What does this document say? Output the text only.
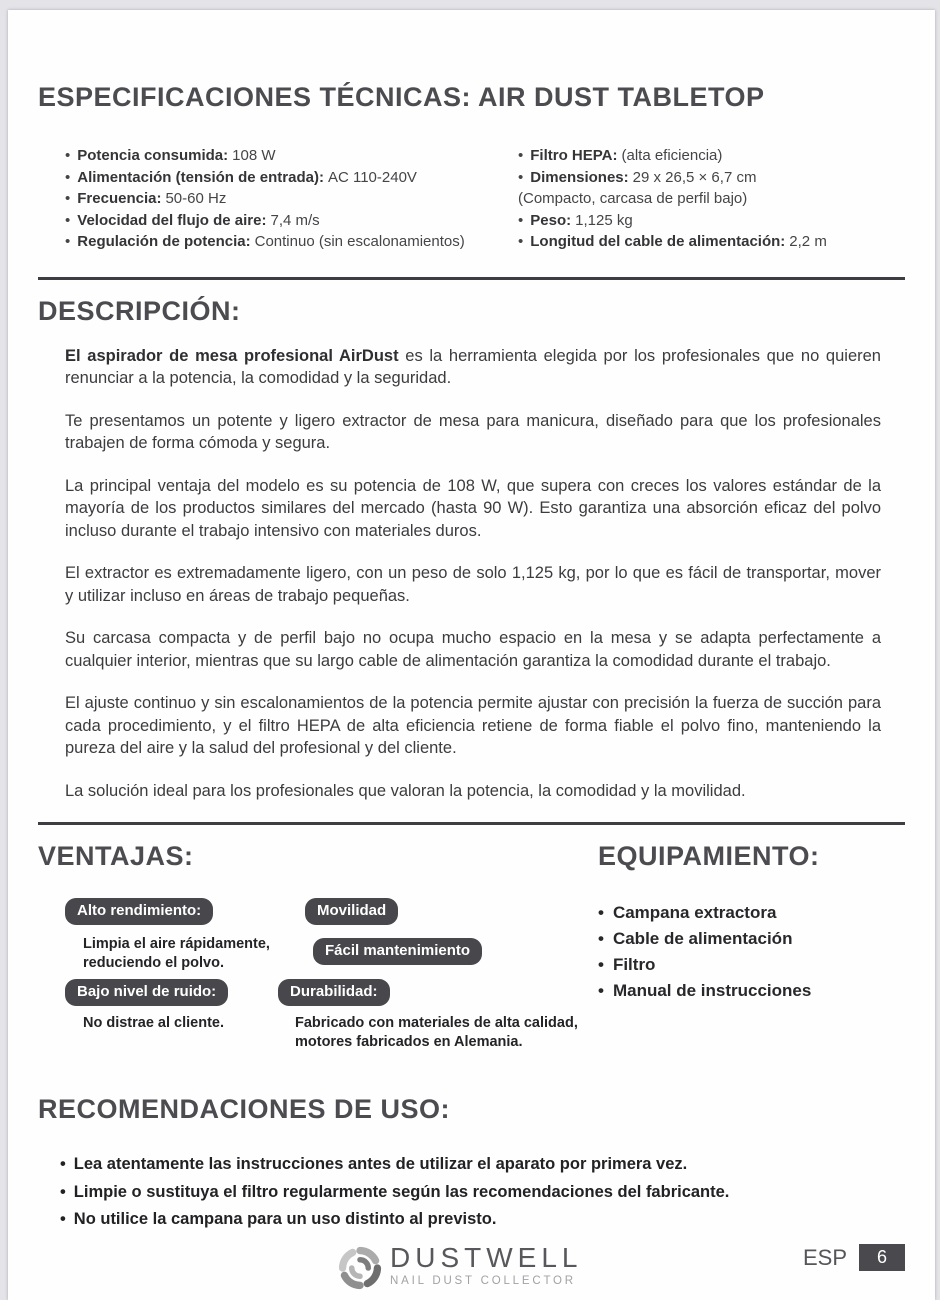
ESPECIFICACIONES TÉCNICAS: AIR DUST TABLETOP
• Potencia consumida: 108 W
• Alimentación (tensión de entrada): AC 110-240V
• Frecuencia: 50-60 Hz
• Velocidad del flujo de aire: 7,4 m/s
• Regulación de potencia: Continuo (sin escalonamientos)
• Filtro HEPA: (alta eficiencia)
• Dimensiones: 29 x 26,5 × 6,7 cm
(Compacto, carcasa de perfil bajo)
• Peso: 1,125 kg
• Longitud del cable de alimentación: 2,2 m
DESCRIPCIÓN:

El aspirador de mesa profesional AirDust es la herramienta elegida por los profesionales que no quieren renunciar a la potencia, la comodidad y la seguridad.

Te presentamos un potente y ligero extractor de mesa para manicura, diseñado para que los profesionales trabajen de forma cómoda y segura.

La principal ventaja del modelo es su potencia de 108 W, que supera con creces los valores estándar de la mayoría de los productos similares del mercado (hasta 90 W). Esto garantiza una absorción eficaz del polvo incluso durante el trabajo intensivo con materiales duros.

El extractor es extremadamente ligero, con un peso de solo 1,125 kg, por lo que es fácil de transportar, mover y utilizar incluso en áreas de trabajo pequeñas.

Su carcasa compacta y de perfil bajo no ocupa mucho espacio en la mesa y se adapta perfectamente a cualquier interior, mientras que su largo cable de alimentación garantiza la comodidad durante el trabajo.

El ajuste continuo y sin escalonamientos de la potencia permite ajustar con precisión la fuerza de succión para cada procedimiento, y el filtro HEPA de alta eficiencia retiene de forma fiable el polvo fino, manteniendo la pureza del aire y la salud del profesional y del cliente.

La solución ideal para los profesionales que valoran la potencia, la comodidad y la movilidad.

VENTAJAS:
Alto rendimiento:	Movilidad
Limpia el aire rápidamente, reduciendo el polvo.
Fácil mantenimiento
Bajo nivel de ruido:	Durabilidad:
No distrae al cliente.	Fabricado con materiales de alta calidad, motores fabricados en Alemania.
EQUIPAMIENTO:
• Campana extractora
• Cable de alimentación
• Filtro
• Manual de instrucciones
RECOMENDACIONES DE USO:
• Lea atentamente las instrucciones antes de utilizar el aparato por primera vez.
• Limpie o sustituya el filtro regularmente según las recomendaciones del fabricante.
• No utilice la campana para un uso distinto al previsto.
DUSTWELL
NAIL DUST COLLECTOR
ESP	6
